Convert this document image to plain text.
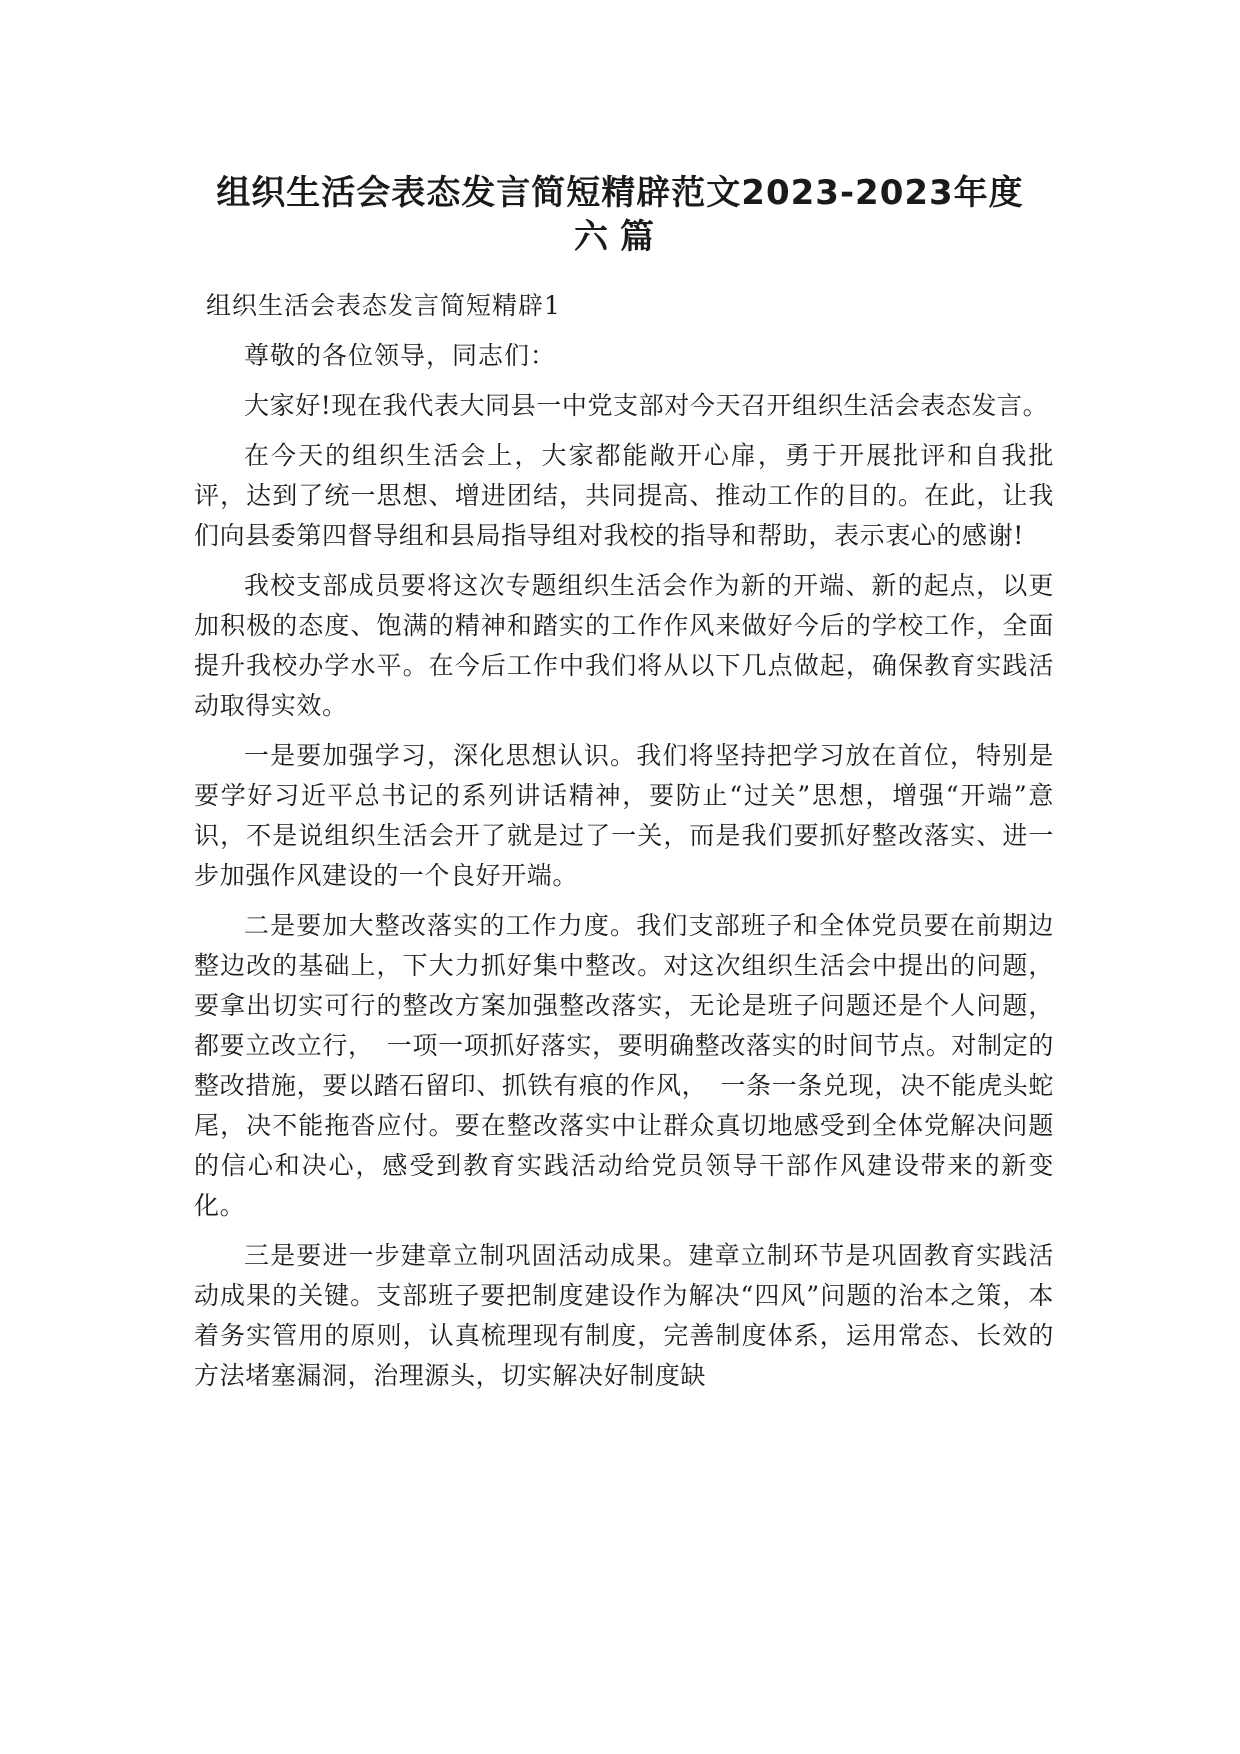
组织生活会表态发言简短精辟范文2023-2023年度
六篇

组织生活会表态发言简短精辟1

尊敬的各位领导，同志们：

大家好!现在我代表大同县一中党支部对今天召开组织生活会表态发言。

在今天的组织生活会上，大家都能敞开心扉，勇于开展批评和自我批评，达到了统一思想、增进团结，共同提高、推动工作的目的。在此，让我们向县委第四督导组和县局指导组对我校的指导和帮助，表示衷心的感谢!

我校支部成员要将这次专题组织生活会作为新的开端、新的起点，以更加积极的态度、饱满的精神和踏实的工作作风来做好今后的学校工作，全面提升我校办学水平。在今后工作中我们将从以下几点做起，确保教育实践活动取得实效。

一是要加强学习，深化思想认识。我们将坚持把学习放在首位，特别是要学好习近平总书记的系列讲话精神，要防止“过关”思想，增强“开端”意识，不是说组织生活会开了就是过了一关，而是我们要抓好整改落实、进一步加强作风建设的一个良好开端。

二是要加大整改落实的工作力度。我们支部班子和全体党员要在前期边整边改的基础上，下大力抓好集中整改。对这次组织生活会中提出的问题，要拿出切实可行的整改方案加强整改落实，无论是班子问题还是个人问题，都要立改立行，　一项一项抓好落实，要明确整改落实的时间节点。对制定的整改措施，要以踏石留印、抓铁有痕的作风，　一条一条兑现，决不能虎头蛇尾，决不能拖沓应付。要在整改落实中让群众真切地感受到全体党解决问题的信心和决心，感受到教育实践活动给党员领导干部作风建设带来的新变化。

三是要进一步建章立制巩固活动成果。建章立制环节是巩固教育实践活动成果的关键。支部班子要把制度建设作为解决“四风”问题的治本之策，本着务实管用的原则，认真梳理现有制度，完善制度体系，运用常态、长效的方法堵塞漏洞，治理源头，切实解决好制度缺
